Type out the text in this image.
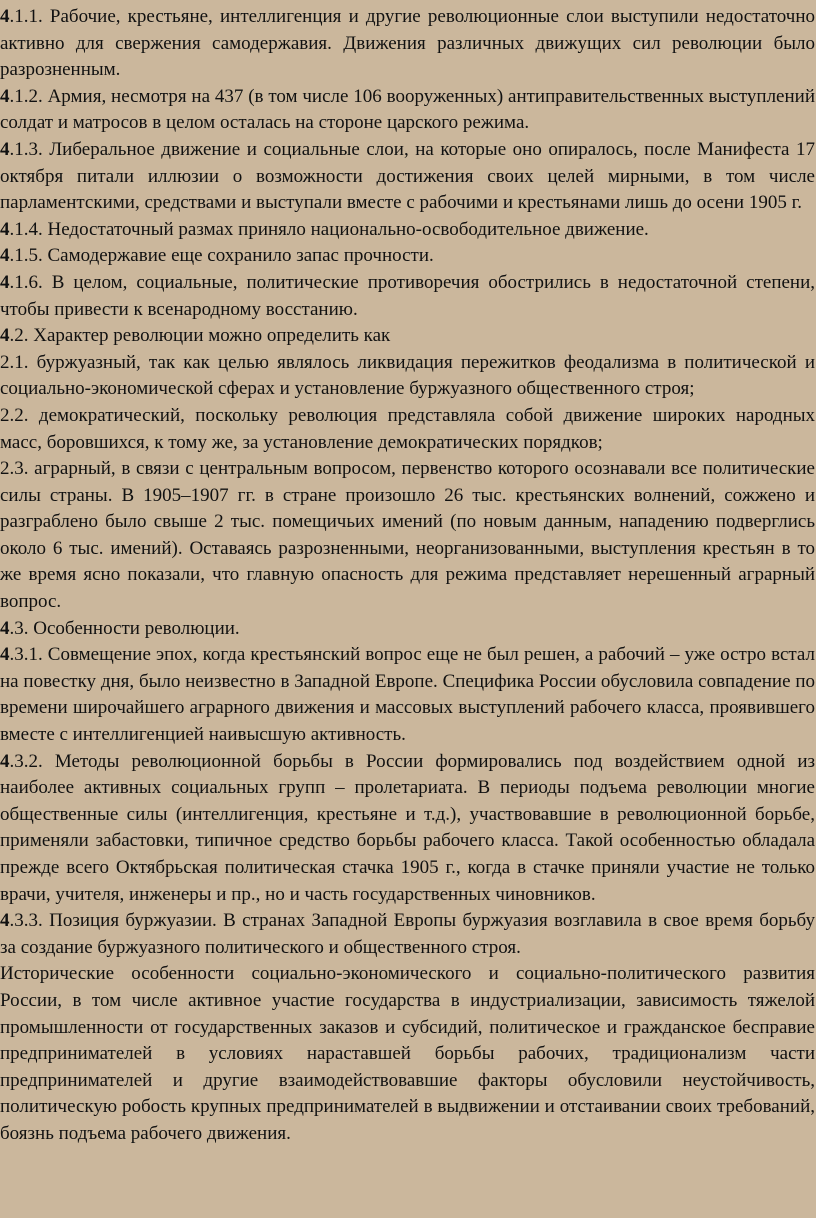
4.1.1. Рабочие, крестьяне, интеллигенция и другие революционные слои выступили недостаточно активно для свержения самодержавия. Движения различных движущих сил революции было разрозненным.

4.1.2. Армия, несмотря на 437 (в том числе 106 вооруженных) антиправительственных выступлений солдат и матросов в целом осталась на стороне царского режима.

4.1.3. Либеральное движение и социальные слои, на которые оно опиралось, после Манифеста 17 октября питали иллюзии о возможности достижения своих целей мирными, в том числе парламентскими, средствами и выступали вместе с рабочими и крестьянами лишь до осени 1905 г.

4.1.4. Недостаточный размах приняло национально-освободительное движение.

4.1.5. Самодержавие еще сохранило запас прочности.

4.1.6. В целом, социальные, политические противоречия обострились в недостаточной степени, чтобы привести к всенародному восстанию.

4.2. Характер революции можно определить как

2.1. буржуазный, так как целью являлось ликвидация пережитков феодализма в политической и социально-экономической сферах и установление буржуазного общественного строя;

2.2. демократический, поскольку революция представляла собой движение широких народных масс, боровшихся, к тому же, за установление демократических порядков;

2.3. аграрный, в связи с центральным вопросом, первенство которого осознавали все политические силы страны. В 1905–1907 гг. в стране произошло 26 тыс. крестьянских волнений, сожжено и разграблено было свыше 2 тыс. помещичьих имений (по новым данным, нападению подверглись около 6 тыс. имений). Оставаясь разрозненными, неорганизованными, выступления крестьян в то же время ясно показали, что главную опасность для режима представляет нерешенный аграрный вопрос.

4.3. Особенности революции.

4.3.1. Совмещение эпох, когда крестьянский вопрос еще не был решен, а рабочий – уже остро встал на повестку дня, было неизвестно в Западной Европе. Специфика России обусловила совпадение по времени широчайшего аграрного движения и массовых выступлений рабочего класса, проявившего вместе с интеллигенцией наивысшую активность.

4.3.2. Методы революционной борьбы в России формировались под воздействием одной из наиболее активных социальных групп – пролетариата. В периоды подъема революции многие общественные силы (интеллигенция, крестьяне и т.д.), участвовавшие в революционной борьбе, применяли забастовки, типичное средство борьбы рабочего класса. Такой особенностью обладала прежде всего Октябрьская политическая стачка 1905 г., когда в стачке приняли участие не только врачи, учителя, инженеры и пр., но и часть государственных чиновников.

4.3.3. Позиция буржуазии. В странах Западной Европы буржуазия возглавила в свое время борьбу за создание буржуазного политического и общественного строя.

Исторические особенности социально-экономического и социально-политического развития России, в том числе активное участие государства в индустриализации, зависимость тяжелой промышленности от государственных заказов и субсидий, политическое и гражданское бесправие предпринимателей в условиях нараставшей борьбы рабочих, традиционализм части предпринимателей и другие взаимодействовавшие факторы обусловили неустойчивость, политическую робость крупных предпринимателей в выдвижении и отстаивании своих требований, боязнь подъема рабочего движения.
